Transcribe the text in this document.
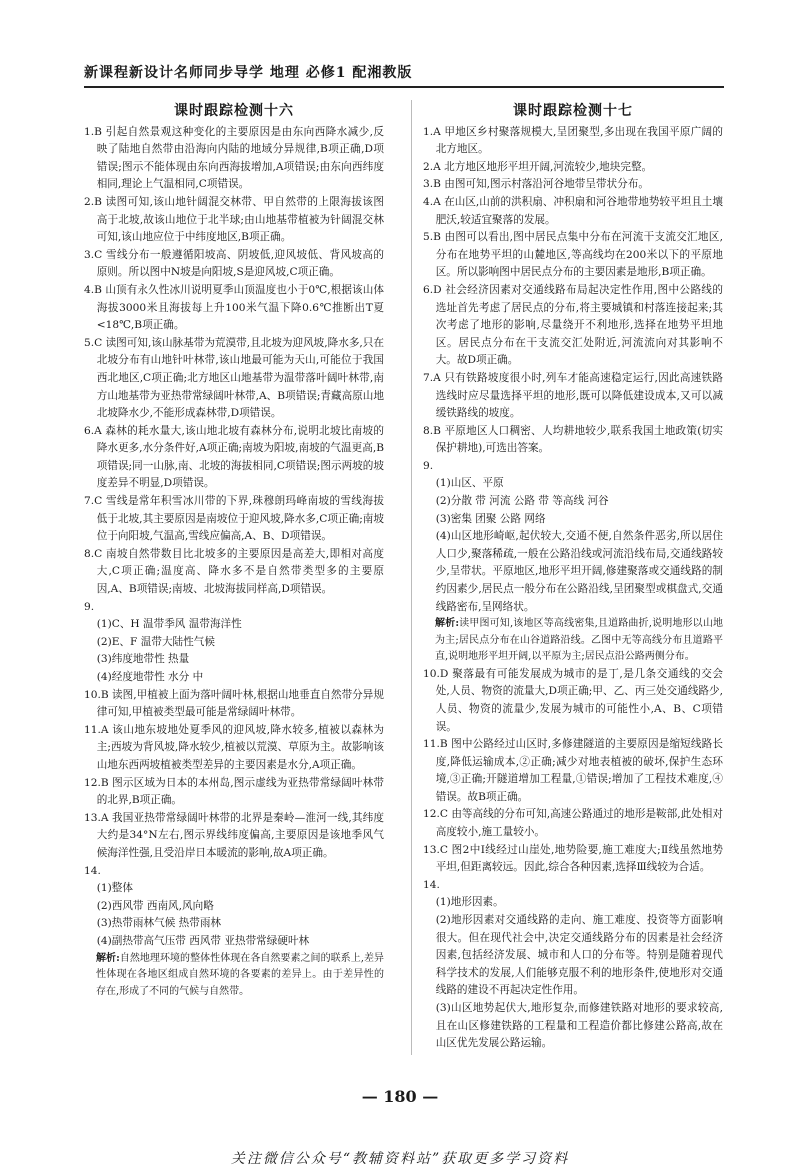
新课程新设计名师同步导学 地理 必修1 配湘教版
课时跟踪检测十六

1.B 引起自然景观这种变化的主要原因是由东向西降水减少,反映了陆地自然带由沿海向内陆的地域分异规律,B项正确,D项错误;图示不能体现由东向西海拔增加,A项错误;由东向西纬度相同,理论上气温相同,C项错误。

2.B 读图可知,该山地针阔混交林带、甲自然带的上限海拔该图高于北坡,故该山地位于北半球;由山地基带植被为针阔混交林可知,该山地应位于中纬度地区,B项正确。

3.C 雪线分布一般遵循阳坡高、阴坡低,迎风坡低、背风坡高的原则。所以图中N坡是向阳坡,S是迎风坡,C项正确。

4.B 山顶有永久性冰川说明夏季山顶温度也小于0℃,根据该山体海拔3000米且海拔每上升100米气温下降0.6℃推断出T夏<18℃,B项正确。

5.C 读图可知,该山脉基带为荒漠带,且北坡为迎风坡,降水多,只在北坡分布有山地针叶林带,该山地最可能为天山,可能位于我国西北地区,C项正确;北方地区山地基带为温带落叶阔叶林带,南方山地基带为亚热带常绿阔叶林带,A、B项错误;青藏高原山地北坡降水少,不能形成森林带,D项错误。

6.A 森林的耗水量大,该山地北坡有森林分布,说明北坡比南坡的降水更多,水分条件好,A项正确;南坡为阳坡,南坡的气温更高,B项错误;同一山脉,南、北坡的海拔相同,C项错误;图示两坡的坡度差异不明显,D项错误。

7.C 雪线是常年积雪冰川带的下界,珠穆朗玛峰南坡的雪线海拔低于北坡,其主要原因是南坡位于迎风坡,降水多,C项正确;南坡位于向阳坡,气温高,雪线应偏高,A、B、D项错误。

8.C 南坡自然带数目比北坡多的主要原因是高差大,即相对高度大,C项正确;温度高、降水多不是自然带类型多的主要原因,A、B项错误;南坡、北坡海拔同样高,D项错误。

9.

(1)C、H 温带季风 温带海洋性

(2)E、F 温带大陆性气候

(3)纬度地带性 热量

(4)经度地带性 水分 中

10.B 读图,甲植被上面为落叶阔叶林,根据山地垂直自然带分异规律可知,甲植被类型最可能是常绿阔叶林带。

11.A 该山地东坡地处夏季风的迎风坡,降水较多,植被以森林为主;西坡为背风坡,降水较少,植被以荒漠、草原为主。故影响该山地东西两坡植被类型差异的主要因素是水分,A项正确。

12.B 图示区域为日本的本州岛,图示虚线为亚热带常绿阔叶林带的北界,B项正确。

13.A 我国亚热带常绿阔叶林带的北界是秦岭—淮河一线,其纬度大约是34°N左右,图示界线纬度偏高,主要原因是该地季风气候海洋性强,且受沿岸日本暖流的影响,故A项正确。

14.

(1)整体

(2)西风带 西南风,风向略

(3)热带雨林气候 热带雨林

(4)副热带高气压带 西风带 亚热带常绿硬叶林

解析:自然地理环境的整体性体现在各自然要素之间的联系上,差异性体现在各地区组成自然环境的各要素的差异上。由于差异性的存在,形成了不同的气候与自然带。

课时跟踪检测十七

1.A 甲地区乡村聚落规模大,呈团聚型,多出现在我国平原广阔的北方地区。

2.A 北方地区地形平坦开阔,河流较少,地块完整。

3.B 由图可知,图示村落沿河谷地带呈带状分布。

4.A 在山区,山前的洪积扇、冲积扇和河谷地带地势较平坦且土壤肥沃,较适宜聚落的发展。

5.B 由图可以看出,图中居民点集中分布在河流干支流交汇地区,分布在地势平坦的山麓地区,等高线均在200米以下的平原地区。所以影响图中居民点分布的主要因素是地形,B项正确。

6.D 社会经济因素对交通线路布局起决定性作用,图中公路线的选址首先考虑了居民点的分布,将主要城镇和村落连接起来;其次考虑了地形的影响,尽量绕开不利地形,选择在地势平坦地区。居民点分布在干支流交汇处附近,河流流向对其影响不大。故D项正确。

7.A 只有铁路坡度很小时,列车才能高速稳定运行,因此高速铁路选线时应尽量选择平坦的地形,既可以降低建设成本,又可以减缓铁路线的坡度。

8.B 平原地区人口稠密、人均耕地较少,联系我国土地政策(切实保护耕地),可选出答案。

9.

(1)山区、平原

(2)分散 带 河流 公路 带 等高线 河谷

(3)密集 团聚 公路 网络

(4)山区地形崎岖,起伏较大,交通不便,自然条件恶劣,所以居住人口少,聚落稀疏,一般在公路沿线或河流沿线布局,交通线路较少,呈带状。平原地区,地形平坦开阔,修建聚落或交通线路的制约因素少,居民点一般分布在公路沿线,呈团聚型或棋盘式,交通线路密布,呈网络状。

解析:读甲图可知,该地区等高线密集,且道路曲折,说明地形以山地为主;居民点分布在山谷道路沿线。乙图中无等高线分布且道路平直,说明地形平坦开阔,以平原为主;居民点沿公路两侧分布。

10.D 聚落最有可能发展成为城市的是丁,是几条交通线的交会处,人员、物资的流量大,D项正确;甲、乙、丙三处交通线路少,人员、物资的流量少,发展为城市的可能性小,A、B、C项错误。

11.B 图中公路经过山区时,多修建隧道的主要原因是缩短线路长度,降低运输成本,②正确;减少对地表植被的破坏,保护生态环境,③正确;开隧道增加工程量,①错误;增加了工程技术难度,④错误。故B项正确。

12.C 由等高线的分布可知,高速公路通过的地形是鞍部,此处相对高度较小,施工量较小。

13.C 图2中Ⅰ线经过山崖处,地势险要,施工难度大;Ⅱ线虽然地势平坦,但距离较远。因此,综合各种因素,选择Ⅲ线较为合适。

14.

(1)地形因素。

(2)地形因素对交通线路的走向、施工难度、投资等方面影响很大。但在现代社会中,决定交通线路分布的因素是社会经济因素,包括经济发展、城市和人口的分布等。特别是随着现代科学技术的发展,人们能够克服不利的地形条件,使地形对交通线路的建设不再起决定性作用。

(3)山区地势起伏大,地形复杂,而修建铁路对地形的要求较高,且在山区修建铁路的工程量和工程造价都比修建公路高,故在山区优先发展公路运输。

— 180 —
关注微信公众号“教辅资料站”获取更多学习资料
